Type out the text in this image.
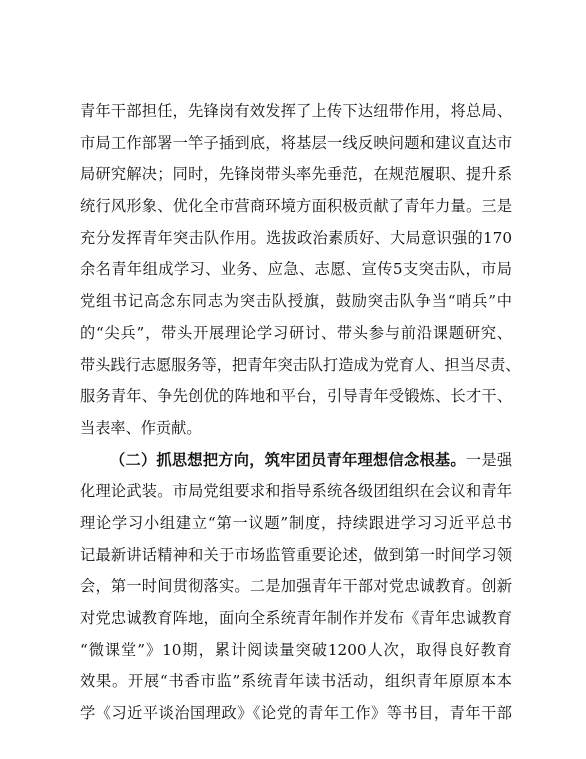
青年干部担任，先锋岗有效发挥了上传下达纽带作用，将总局、
市局工作部署一竿子插到底，将基层一线反映问题和建议直达市
局研究解决；同时，先锋岗带头率先垂范，在规范履职、提升系
统行风形象、优化全市营商环境方面积极贡献了青年力量。三是
充分发挥青年突击队作用。选拔政治素质好、大局意识强的170
余名青年组成学习、业务、应急、志愿、宣传5支突击队，市局
党组书记高念东同志为突击队授旗，鼓励突击队争当“哨兵”中
的“尖兵”，带头开展理论学习研讨、带头参与前沿课题研究、
带头践行志愿服务等，把青年突击队打造成为党育人、担当尽责、
服务青年、争先创优的阵地和平台，引导青年受锻炼、长才干、
当表率、作贡献。
（二）抓思想把方向，筑牢团员青年理想信念根基。一是强
化理论武装。市局党组要求和指导系统各级团组织在会议和青年
理论学习小组建立“第一议题”制度，持续跟进学习习近平总书
记最新讲话精神和关于市场监管重要论述，做到第一时间学习领
会，第一时间贯彻落实。二是加强青年干部对党忠诚教育。创新
对党忠诚教育阵地，面向全系统青年制作并发布《青年忠诚教育
“微课堂”》10期，累计阅读量突破1200人次，取得良好教育
效果。开展“书香市监”系统青年读书活动，组织青年原原本本
学《习近平谈治国理政》《论党的青年工作》等书目，青年干部
